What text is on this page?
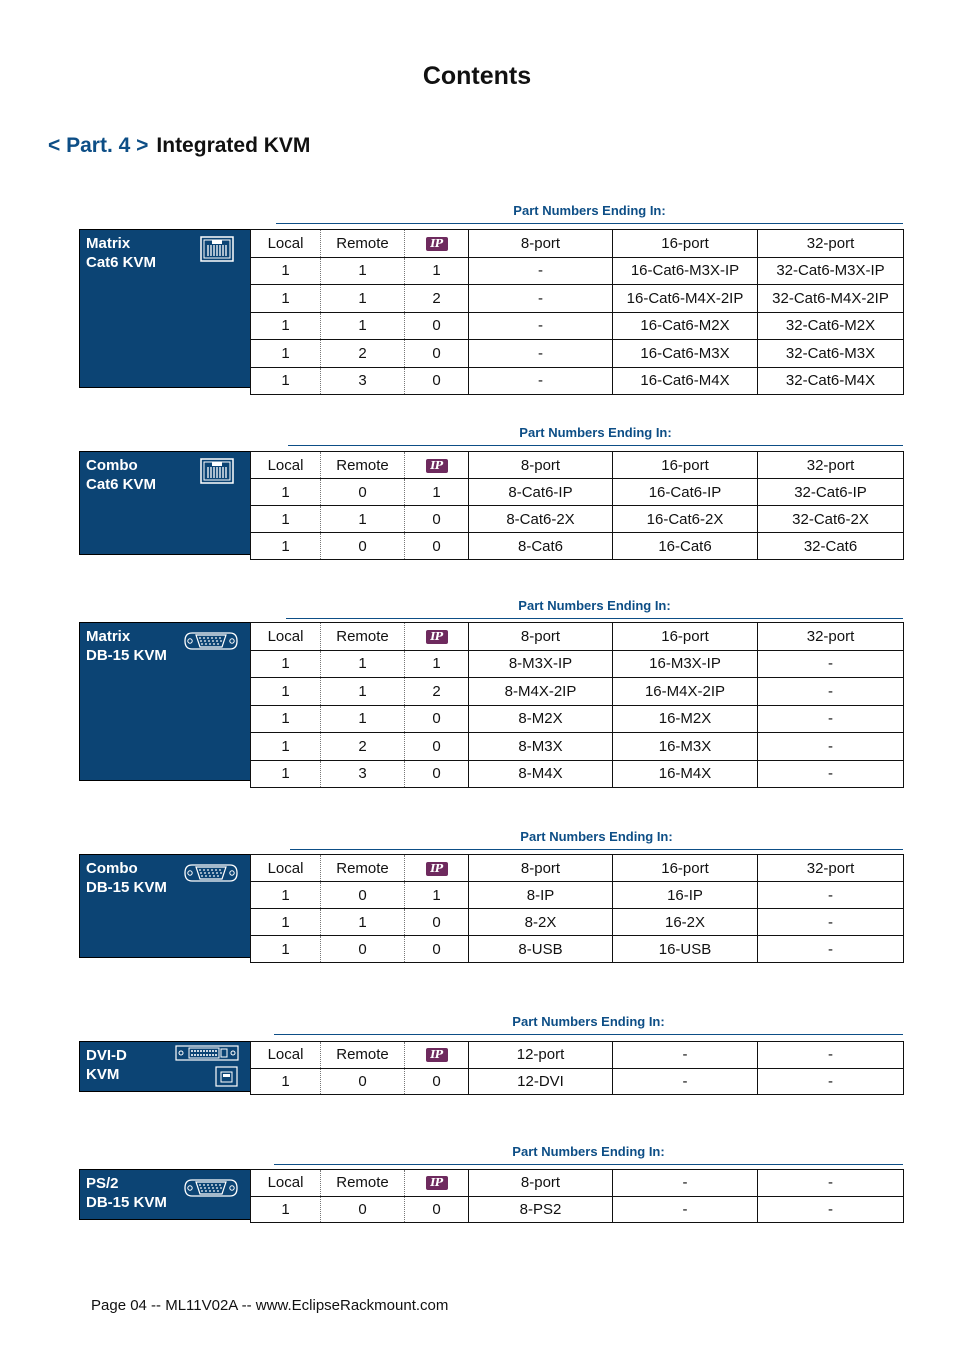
Contents
< Part. 4 > Integrated KVM
Part Numbers Ending In:
Matrix
Cat6 KVM
Local	Remote	IP	8-port	16-port	32-port
1	1	1	-	16-Cat6-M3X-IP	32-Cat6-M3X-IP
1	1	2	-	16-Cat6-M4X-2IP	32-Cat6-M4X-2IP
1	1	0	-	16-Cat6-M2X	32-Cat6-M2X
1	2	0	-	16-Cat6-M3X	32-Cat6-M3X
1	3	0	-	16-Cat6-M4X	32-Cat6-M4X
Part Numbers Ending In:
Combo
Cat6 KVM
Local	Remote	IP	8-port	16-port	32-port
1	0	1	8-Cat6-IP	16-Cat6-IP	32-Cat6-IP
1	1	0	8-Cat6-2X	16-Cat6-2X	32-Cat6-2X
1	0	0	8-Cat6	16-Cat6	32-Cat6
Part Numbers Ending In:
Matrix
DB-15 KVM
Local	Remote	IP	8-port	16-port	32-port
1	1	1	8-M3X-IP	16-M3X-IP	-
1	1	2	8-M4X-2IP	16-M4X-2IP	-
1	1	0	8-M2X	16-M2X	-
1	2	0	8-M3X	16-M3X	-
1	3	0	8-M4X	16-M4X	-
Part Numbers Ending In:
Combo
DB-15 KVM
Local	Remote	IP	8-port	16-port	32-port
1	0	1	8-IP	16-IP	-
1	1	0	8-2X	16-2X	-
1	0	0	8-USB	16-USB	-
Part Numbers Ending In:
DVI-D
KVM
Local	Remote	IP	12-port	-	-
1	0	0	12-DVI	-	-
Part Numbers Ending In:
PS/2
DB-15 KVM
Local	Remote	IP	8-port	-	-
1	0	0	8-PS2	-	-
Page 04 -- ML11V02A -- www.EclipseRackmount.com
